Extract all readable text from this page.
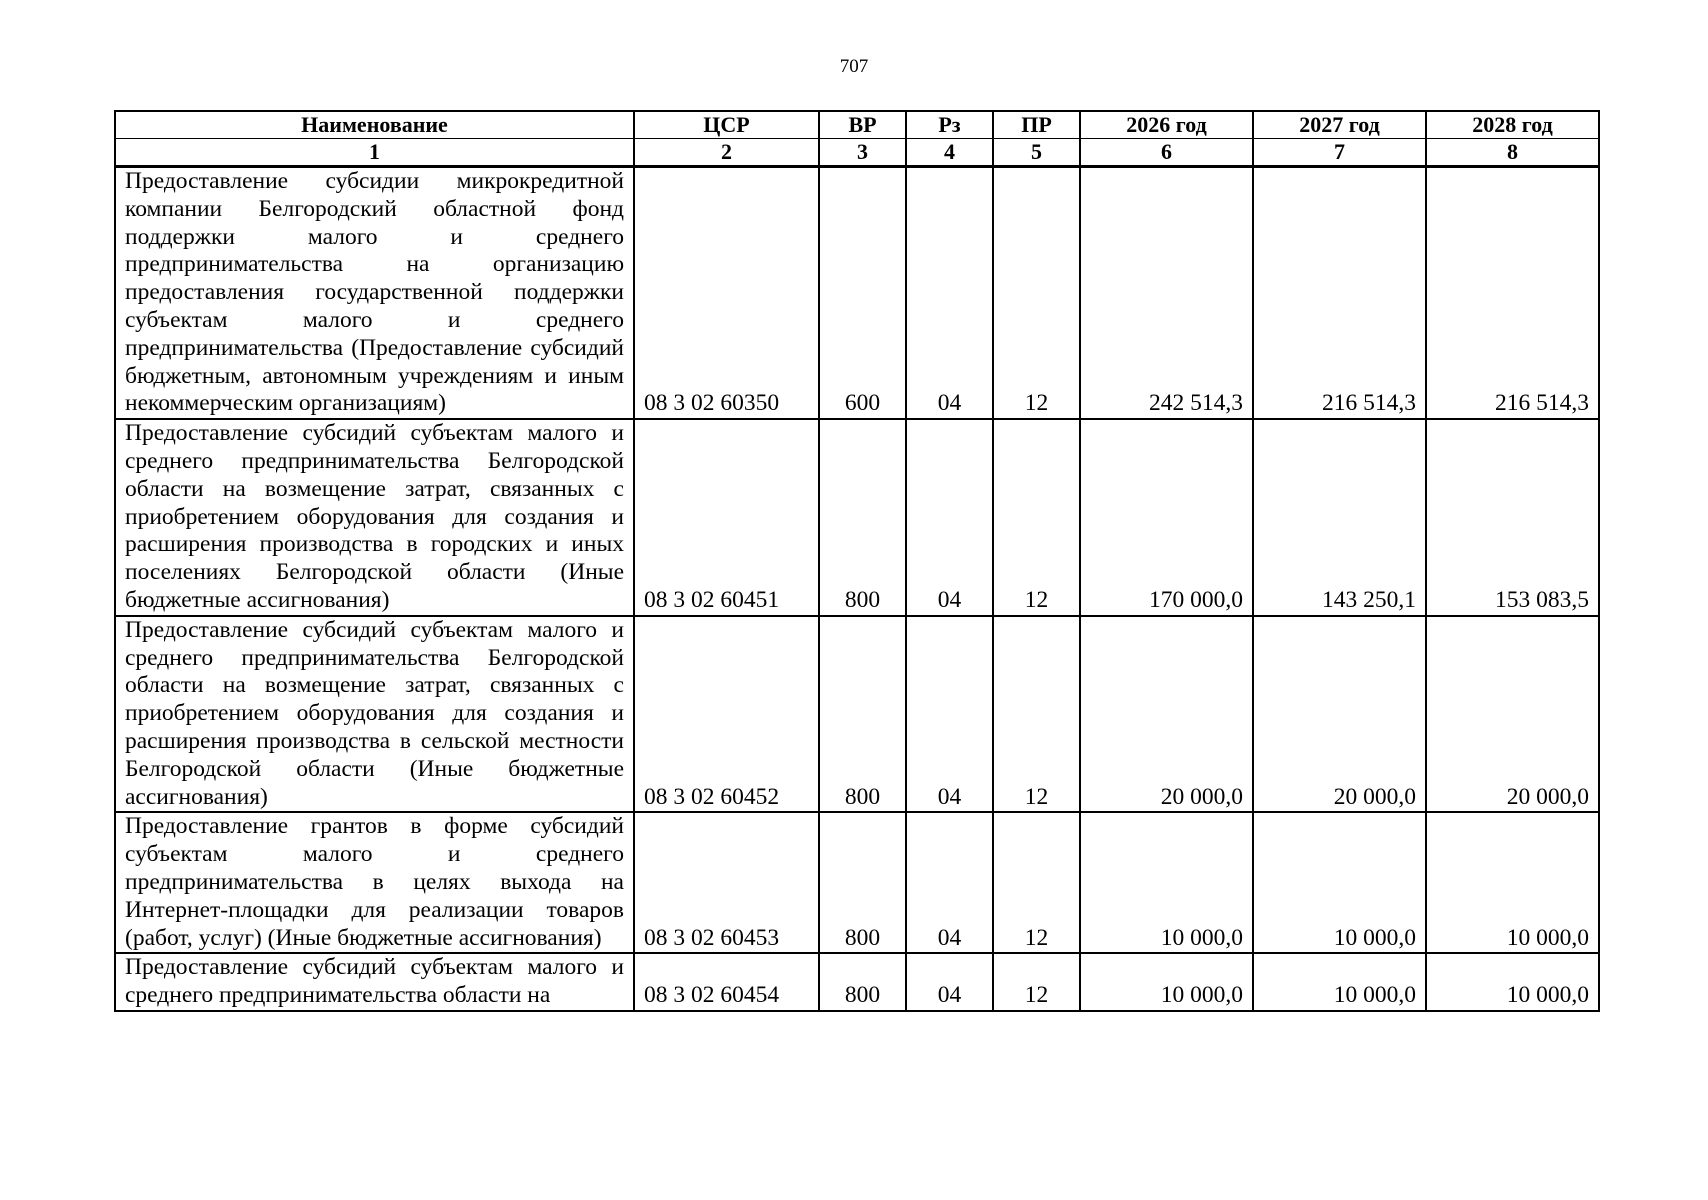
707
Наименование	ЦСР	ВР	Рз	ПР	2026 год	2027 год	2028 год
1	2	3	4	5	6	7	8
Предоставление субсидии микрокредитной компании Белгородский областной фонд поддержки малого и среднего предпринимательства на организацию предоставления государственной поддержки субъектам малого и среднего предпринимательства (Предоставление субсидий бюджетным, автономным учреждениям и иным некоммерческим организациям)	08 3 02 60350	600	04	12	242 514,3	216 514,3	216 514,3
Предоставление субсидий субъектам малого и среднего предпринимательства Белгородской области на возмещение затрат, связанных с приобретением оборудования для создания и расширения производства в городских и иных поселениях Белгородской области (Иные бюджетные ассигнования)	08 3 02 60451	800	04	12	170 000,0	143 250,1	153 083,5
Предоставление субсидий субъектам малого и среднего предпринимательства Белгородской области на возмещение затрат, связанных с приобретением оборудования для создания и расширения производства в сельской местности Белгородской области (Иные бюджетные ассигнования)	08 3 02 60452	800	04	12	20 000,0	20 000,0	20 000,0
Предоставление грантов в форме субсидий субъектам малого и среднего предпринимательства в целях выхода на Интернет-площадки для реализации товаров (работ, услуг) (Иные бюджетные ассигнования)	08 3 02 60453	800	04	12	10 000,0	10 000,0	10 000,0
Предоставление субсидий субъектам малого и среднего предпринимательства области на	08 3 02 60454	800	04	12	10 000,0	10 000,0	10 000,0
